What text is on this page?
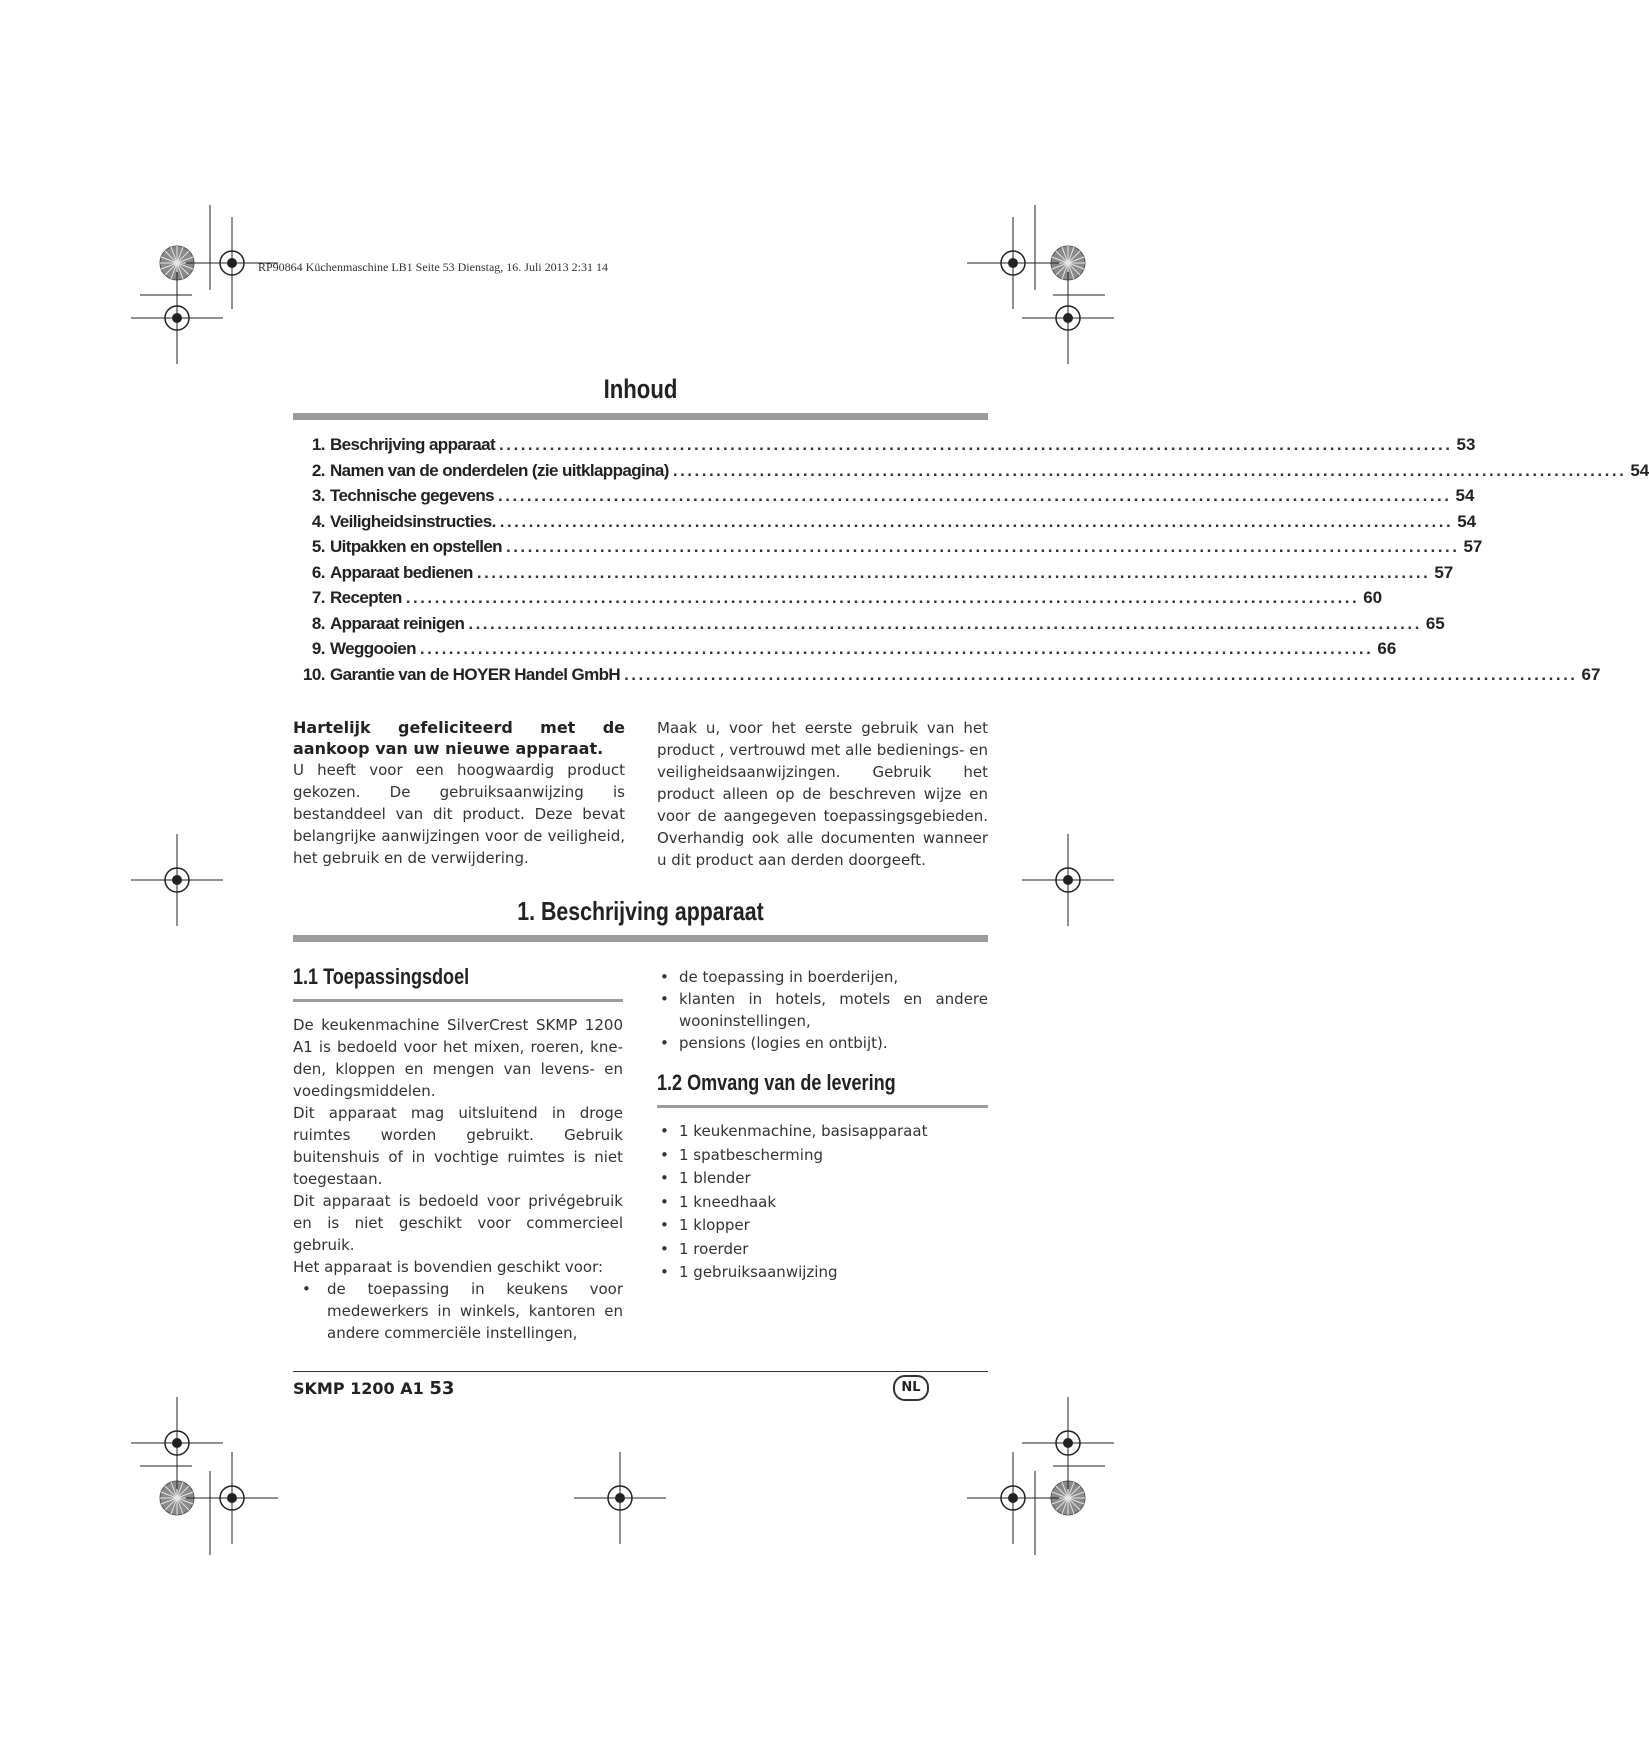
RP90864 Küchenmaschine LB1 Seite 53 Dienstag, 16. Juli 2013 2:31 14
Inhoud
1. Beschrijving apparaat .................................................................................................................................... 53
2. Namen van de onderdelen (zie uitklappagina) .................................................................................................................................... 54
3. Technische gegevens .................................................................................................................................... 54
4. Veiligheidsinstructies. .................................................................................................................................... 54
5. Uitpakken en opstellen .................................................................................................................................... 57
6. Apparaat bedienen .................................................................................................................................... 57
7. Recepten .................................................................................................................................... 60
8. Apparaat reinigen .................................................................................................................................... 65
9. Weggooien .................................................................................................................................... 66
10. Garantie van de HOYER Handel GmbH .................................................................................................................................... 67

Hartelijk gefeliciteerd met de aankoop van uw nieuwe apparaat.

U heeft voor een hoogwaardig product gekozen. De gebruiksaanwijzing is bestanddeel van dit product. Deze bevat belangrijke aanwijzingen voor de veiligheid, het gebruik en de verwijdering.

Maak u, voor het eerste gebruik van het product , vertrouwd met alle bedienings- en veiligheidsaanwijzingen. Gebruik het product alleen op de beschreven wijze en voor de aangegeven toepassingsgebieden. Overhandig ook alle documenten wanneer u dit product aan derden doorgeeft.

1. Beschrijving apparaat
1.1 Toepassingsdoel

De keukenmachine SilverCrest SKMP 1200 A1 is bedoeld voor het mixen, roeren, kne-den, kloppen en mengen van levens- en voedingsmiddelen.

Dit apparaat mag uitsluitend in droge ruimtes worden gebruikt. Gebruik buitenshuis of in vochtige ruimtes is niet toegestaan.

Dit apparaat is bedoeld voor privégebruik en is niet geschikt voor commercieel gebruik.

Het apparaat is bovendien geschikt voor:

• de toepassing in keukens voor medewerkers in winkels, kantoren en andere commerciële instellingen,
• de toepassing in boerderijen,
• klanten in hotels, motels en andere wooninstellingen,
• pensions (logies en ontbijt).
1.2 Omvang van de levering
• 1 keukenmachine, basisapparaat
• 1 spatbescherming
• 1 blender
• 1 kneedhaak
• 1 klopper
• 1 roerder
• 1 gebruiksaanwijzing
SKMP 1200 A1 53	NL
